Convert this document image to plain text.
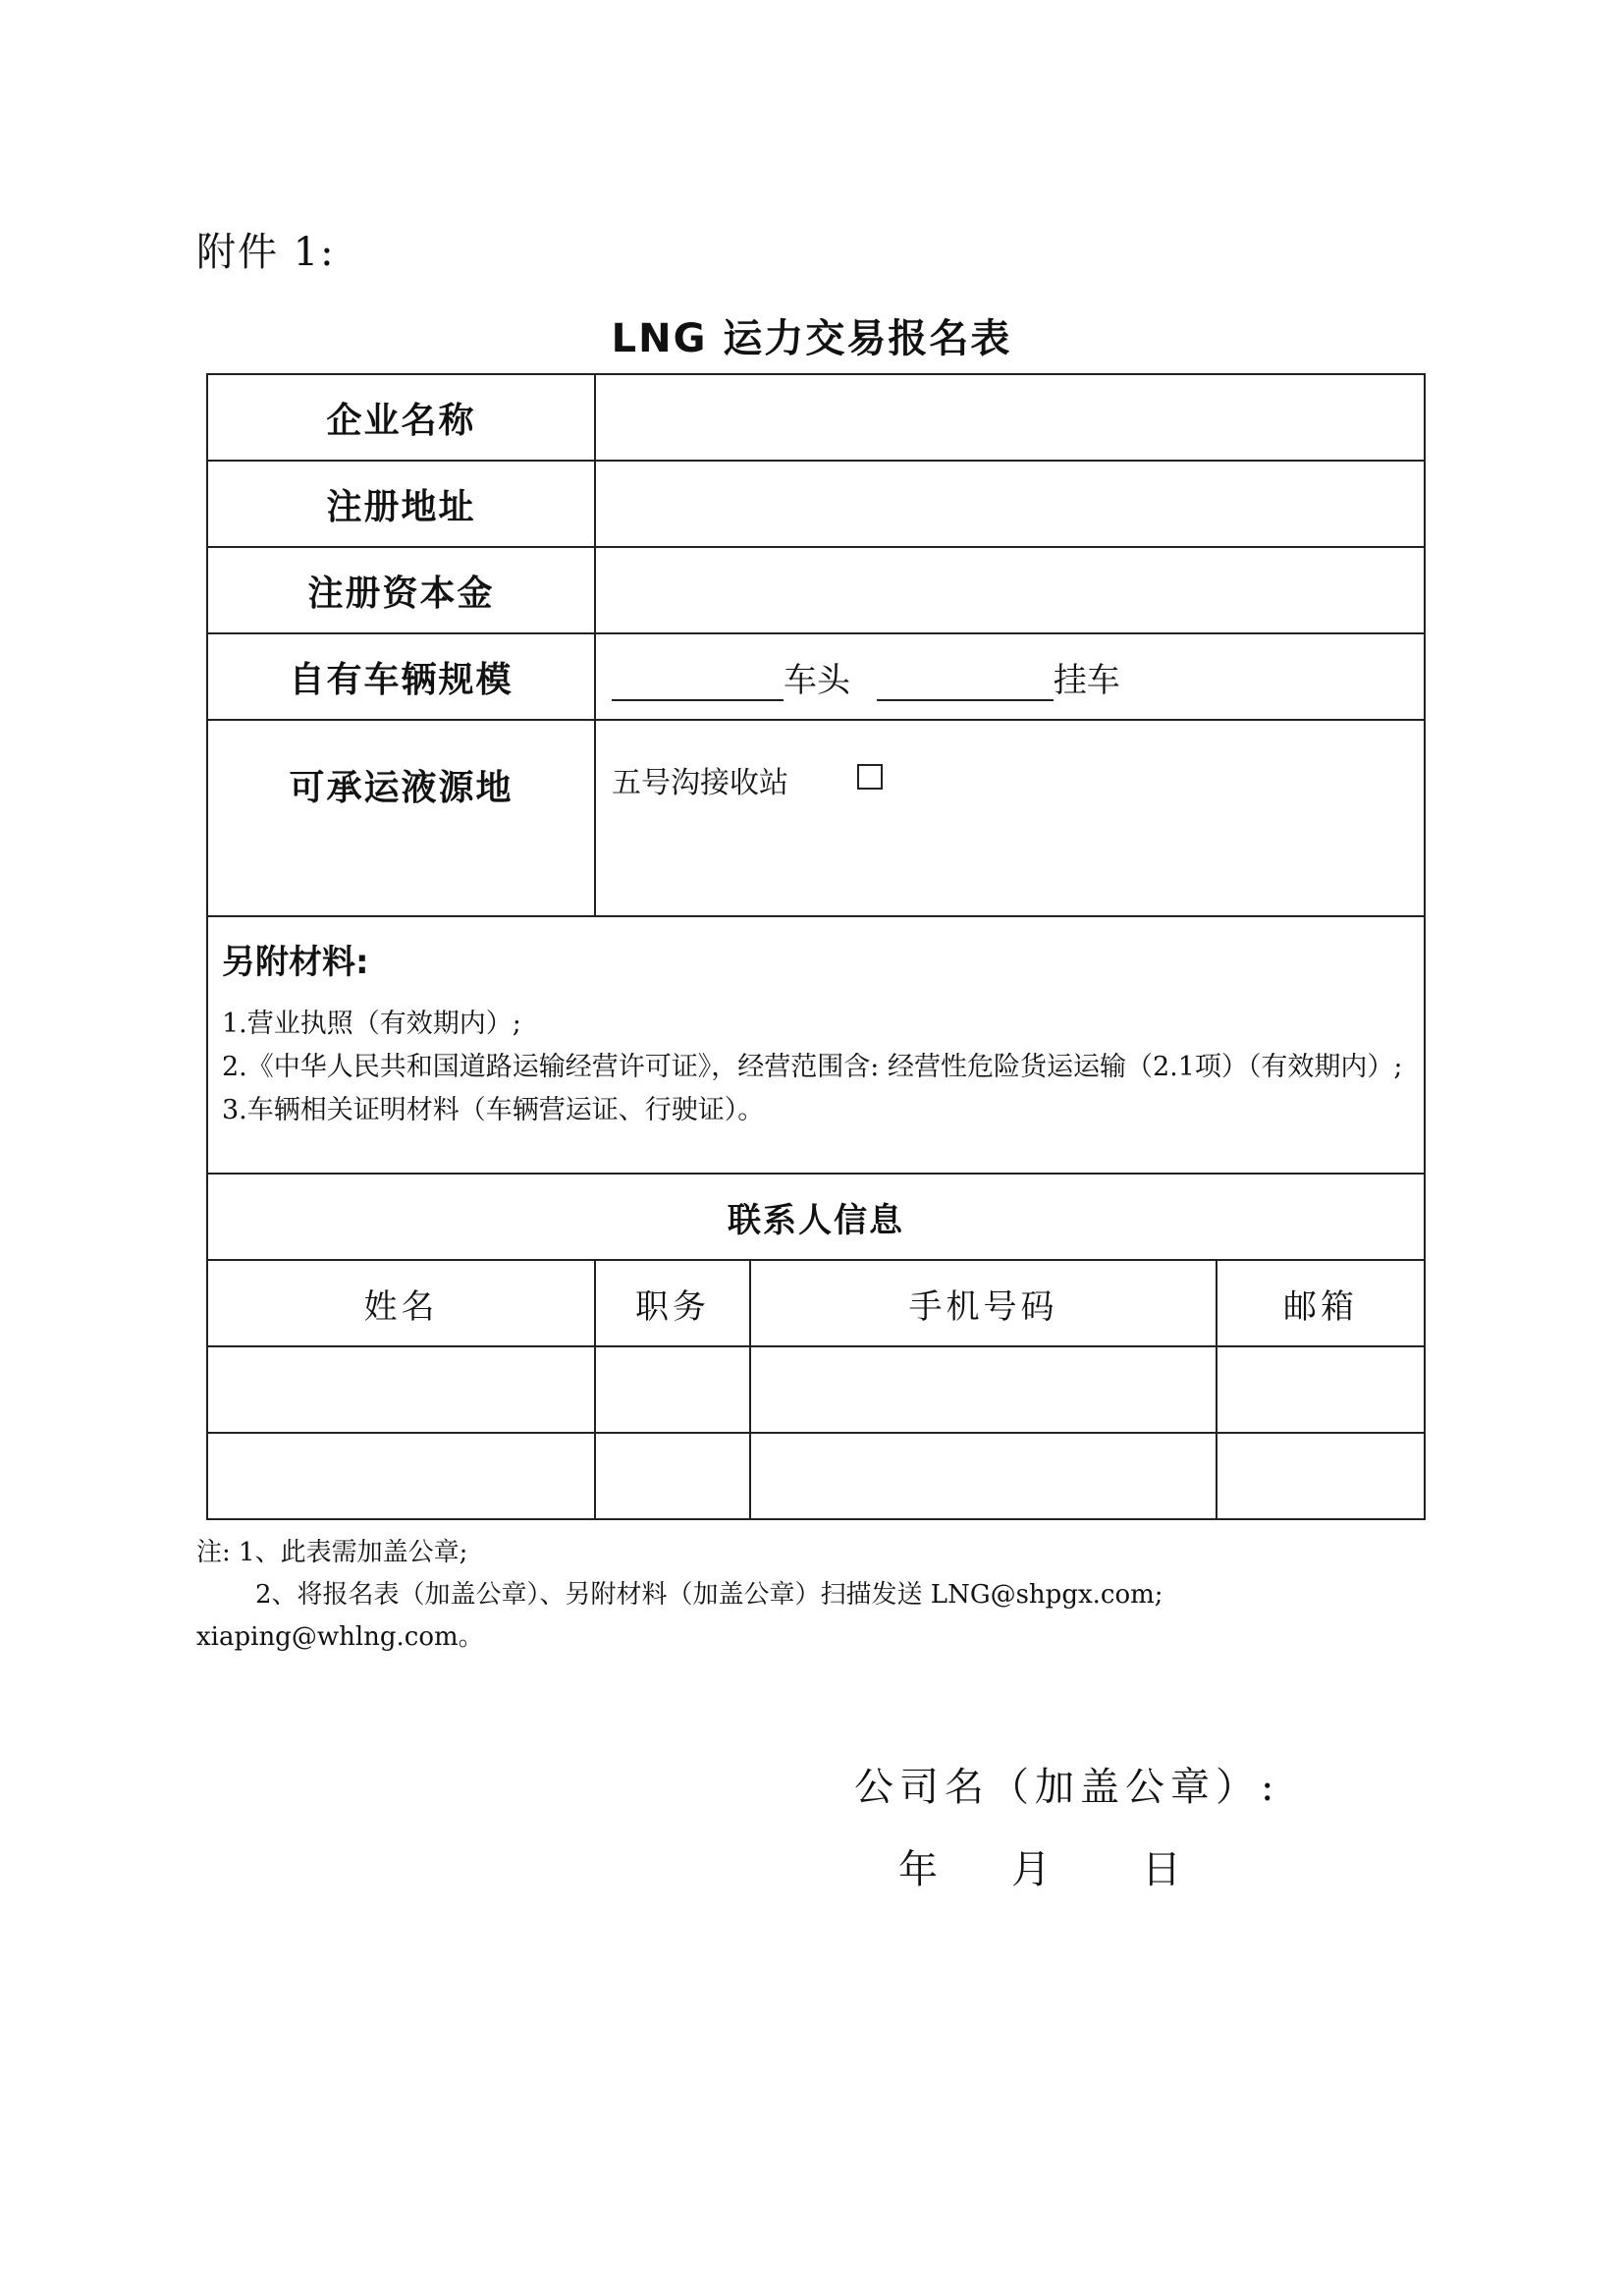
附件 1:
LNG 运力交易报名表
企业名称			
注册地址			
注册资本金			
自有车辆规模	车头 挂车		
可承运液源地	五号沟接收站		

另附材料:
1.营业执照（有效期内）;
2.《中华人民共和国道路运输经营许可证》，经营范围含: 经营性危险货运运输（2.1项）（有效期内）;
3.车辆相关证明材料（车辆营运证、行驶证）。			

联系人信息			
姓名	职务	手机号码	邮箱

注: 1、此表需加盖公章;
2、将报名表（加盖公章）、另附材料（加盖公章）扫描发送 LNG@shpgx.com;
xiaping@whlng.com。
公司名（加盖公章）:
年 月 日
